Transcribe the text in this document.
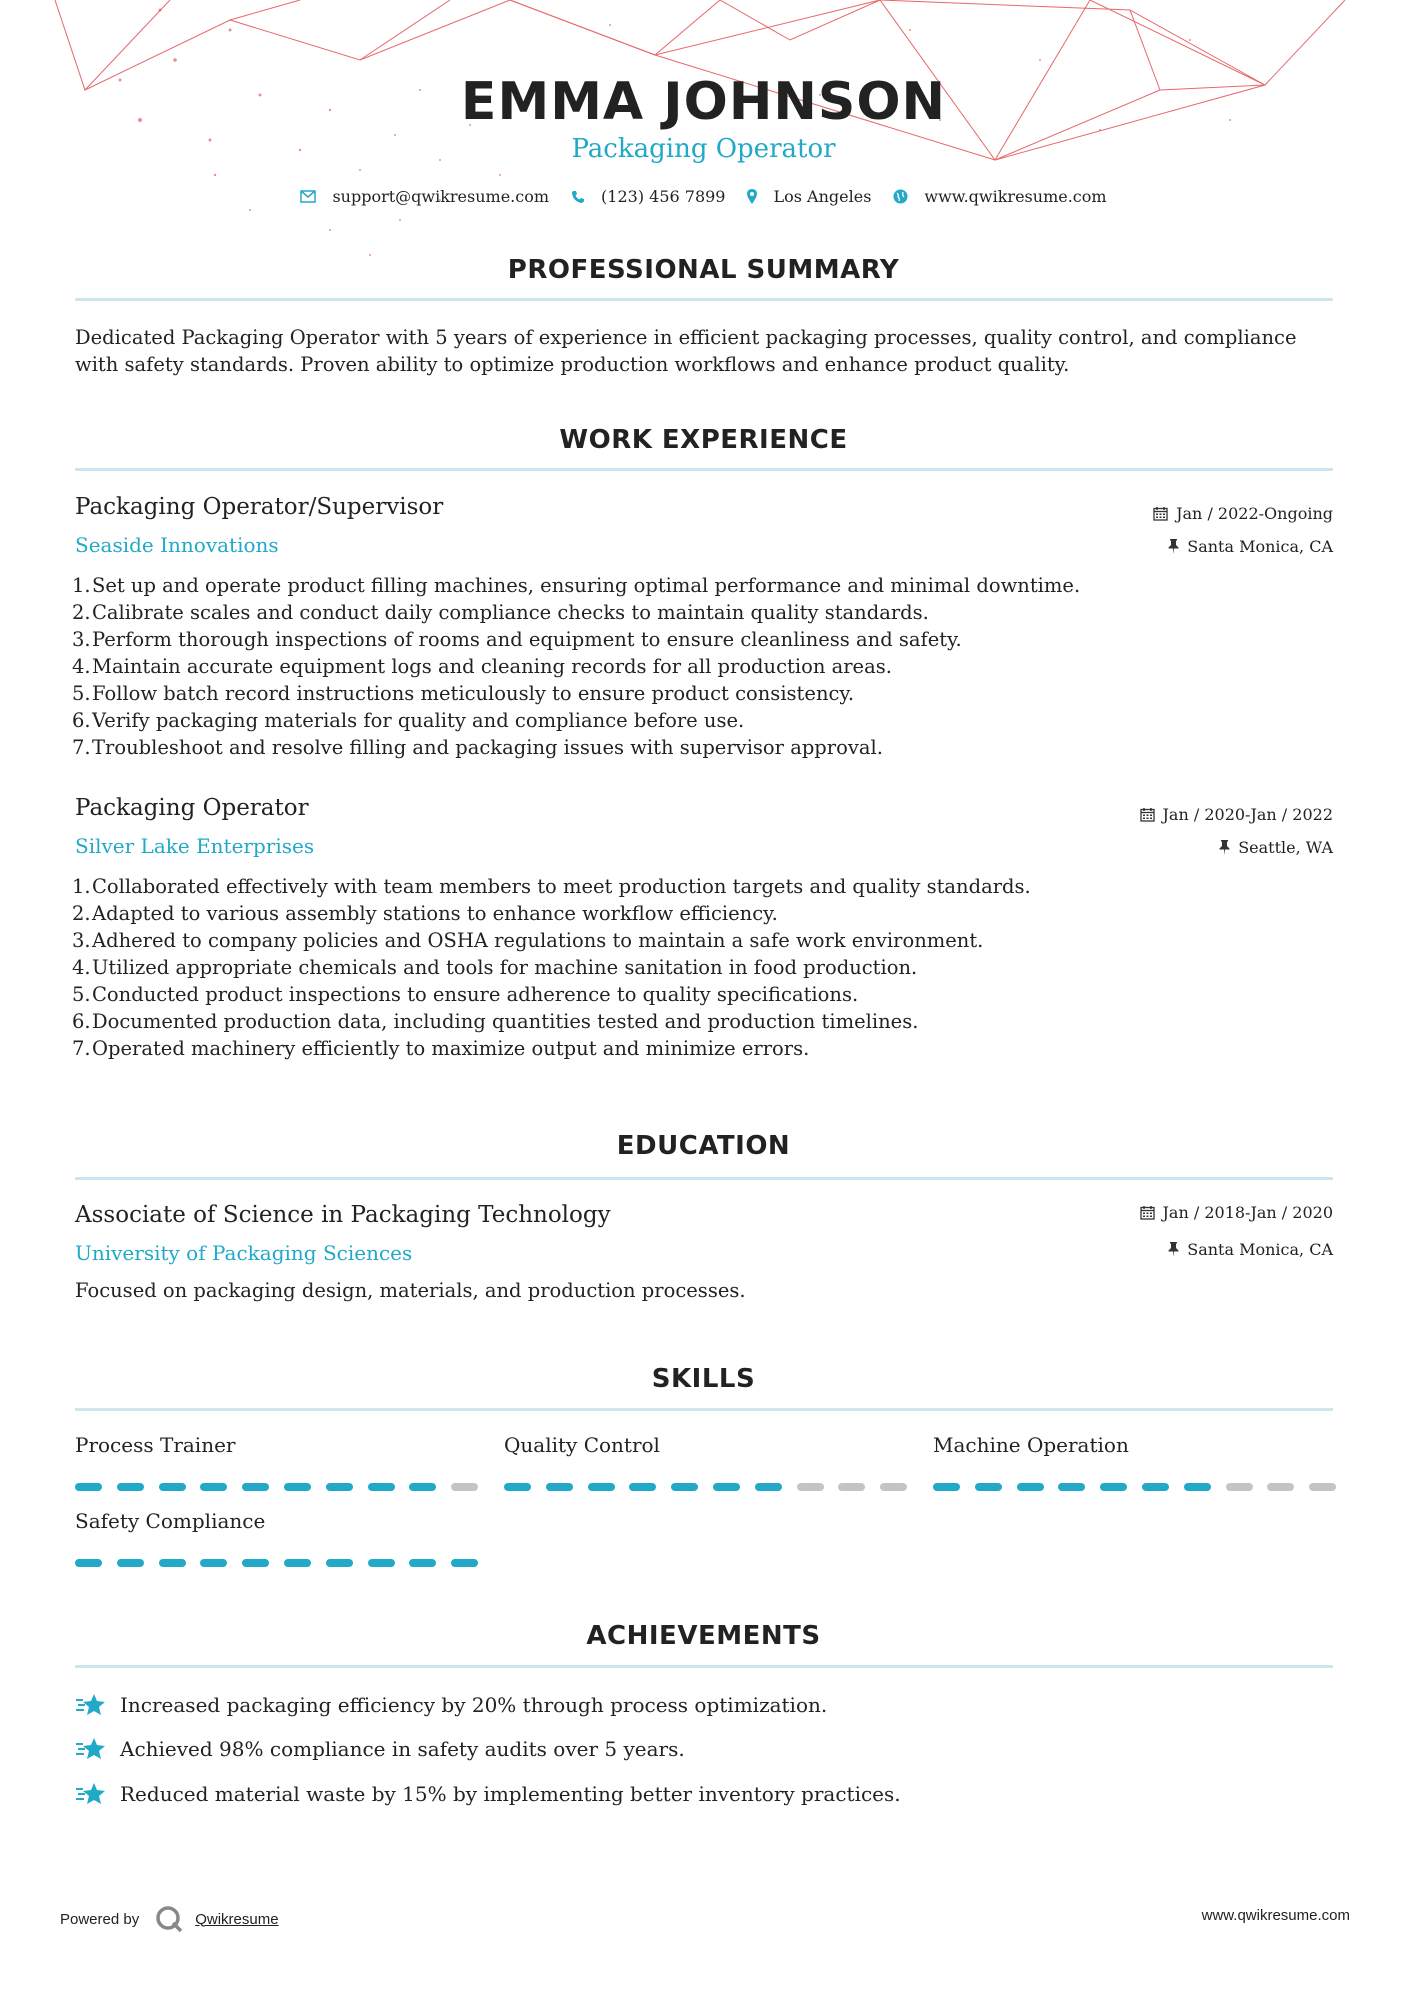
EMMA JOHNSON
Packaging Operator
support@qwikresume.com	(123) 456 7899	Los Angeles	www.qwikresume.com
PROFESSIONAL SUMMARY
Dedicated Packaging Operator with 5 years of experience in efficient packaging processes, quality control, and compliance with safety standards. Proven ability to optimize production workflows and enhance product quality.
WORK EXPERIENCE
Packaging Operator/Supervisor
Seaside Innovations
Jan / 2022-Ongoing
Santa Monica, CA
1. Set up and operate product filling machines, ensuring optimal performance and minimal downtime.
2. Calibrate scales and conduct daily compliance checks to maintain quality standards.
3. Perform thorough inspections of rooms and equipment to ensure cleanliness and safety.
4. Maintain accurate equipment logs and cleaning records for all production areas.
5. Follow batch record instructions meticulously to ensure product consistency.
6. Verify packaging materials for quality and compliance before use.
7. Troubleshoot and resolve filling and packaging issues with supervisor approval.
Packaging Operator
Silver Lake Enterprises
Jan / 2020-Jan / 2022
Seattle, WA
1. Collaborated effectively with team members to meet production targets and quality standards.
2. Adapted to various assembly stations to enhance workflow efficiency.
3. Adhered to company policies and OSHA regulations to maintain a safe work environment.
4. Utilized appropriate chemicals and tools for machine sanitation in food production.
5. Conducted product inspections to ensure adherence to quality specifications.
6. Documented production data, including quantities tested and production timelines.
7. Operated machinery efficiently to maximize output and minimize errors.
EDUCATION
Associate of Science in Packaging Technology
University of Packaging Sciences
Jan / 2018-Jan / 2020
Santa Monica, CA
Focused on packaging design, materials, and production processes.
SKILLS
Process Trainer	Quality Control	Machine Operation
Safety Compliance
ACHIEVEMENTS
Increased packaging efficiency by 20% through process optimization.
Achieved 98% compliance in safety audits over 5 years.
Reduced material waste by 15% by implementing better inventory practices.
Powered by	Qwikresume	www.qwikresume.com
